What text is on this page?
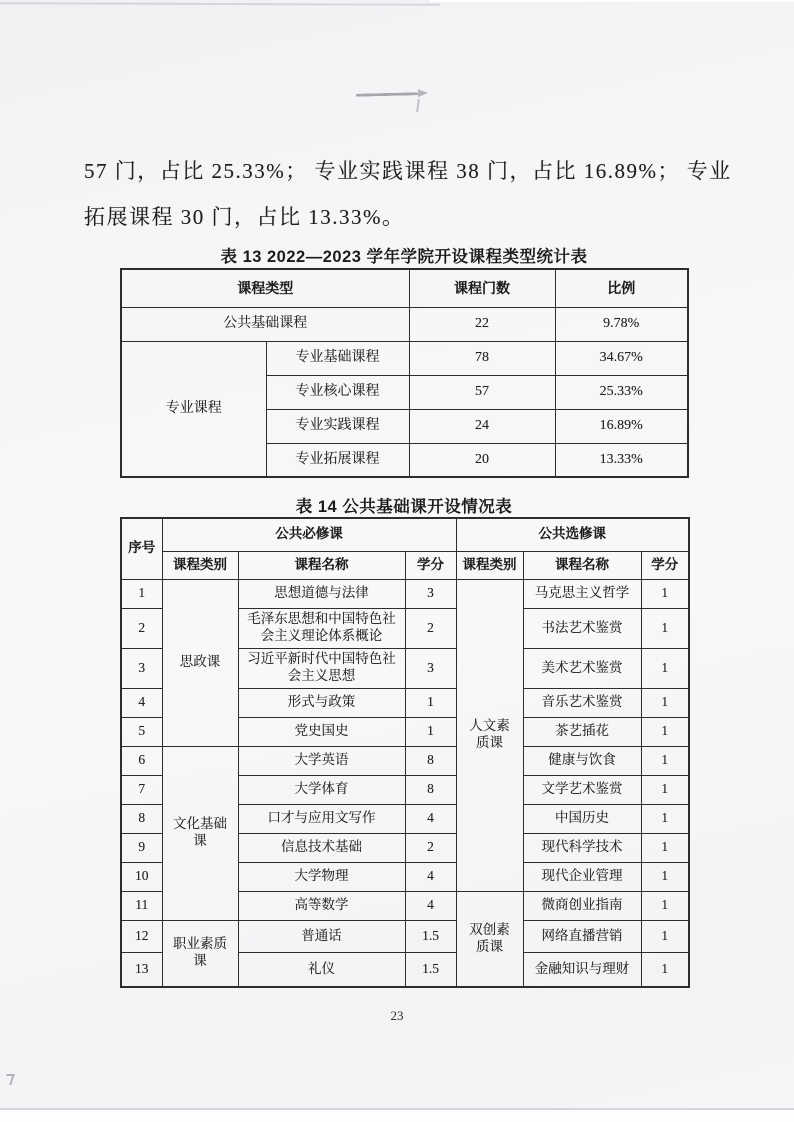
57 门，占比 25.33%； 专业实践课程 38 门，占比 16.89%； 专业
拓展课程 30 门，占比 13.33%。
表 13 2022—2023 学年学院开设课程类型统计表
课程类型		课程门数	比例
公共基础课程		22	9.78%
专业课程	专业基础课程	78	34.67%
	专业核心课程	57	25.33%
	专业实践课程	24	16.89%
	专业拓展课程	20	13.33%
表 14 公共基础课开设情况表
序号	公共必修课			公共选修课		
	课程类别	课程名称	学分	课程类别	课程名称	学分
1	思政课	思想道德与法律	3	人文素质课	马克思主义哲学	1
2		毛泽东思想和中国特色社会主义理论体系概论	2		书法艺术鉴赏	1
3		习近平新时代中国特色社会主义思想	3		美术艺术鉴赏	1
4		形式与政策	1		音乐艺术鉴赏	1
5		党史国史	1		茶艺插花	1
6	文化基础课	大学英语	8		健康与饮食	1
7		大学体育	8		文学艺术鉴赏	1
8		口才与应用文写作	4		中国历史	1
9		信息技术基础	2		现代科学技术	1
10		大学物理	4		现代企业管理	1
11		高等数学	4	双创素质课	微商创业指南	1
12	职业素质课	普通话	1.5		网络直播营销	1
13		礼仪	1.5		金融知识与理财	1
23
